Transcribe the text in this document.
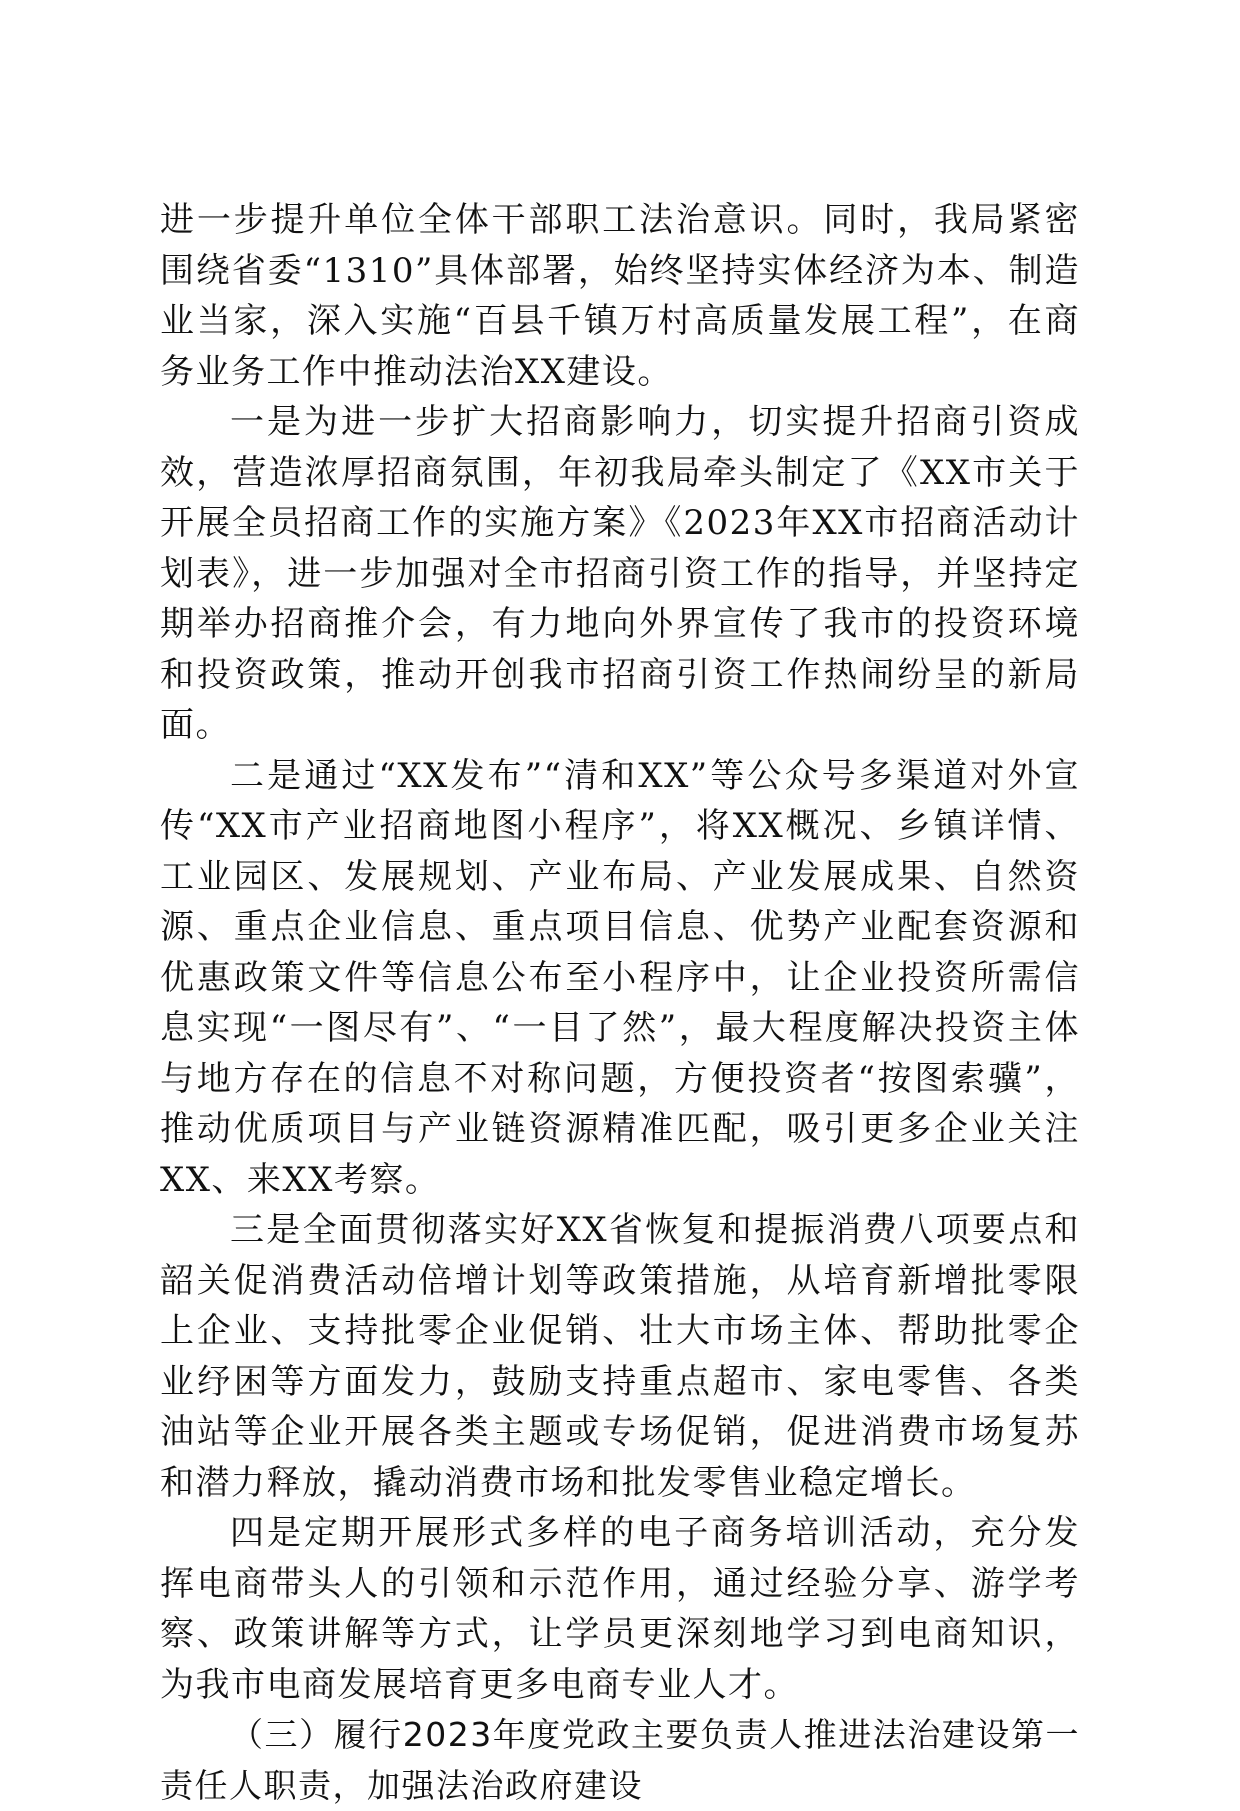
进一步提升单位全体干部职工法治意识。同时，我局紧密围绕省委“1310”具体部署，始终坚持实体经济为本、制造业当家，深入实施“百县千镇万村高质量发展工程”，在商务业务工作中推动法治XX建设。

一是为进一步扩大招商影响力，切实提升招商引资成效，营造浓厚招商氛围，年初我局牵头制定了《XX市关于开展全员招商工作的实施方案》《2023年XX市招商活动计划表》，进一步加强对全市招商引资工作的指导，并坚持定期举办招商推介会，有力地向外界宣传了我市的投资环境和投资政策，推动开创我市招商引资工作热闹纷呈的新局面。

二是通过“XX发布”“清和XX”等公众号多渠道对外宣传“XX市产业招商地图小程序”，将XX概况、乡镇详情、工业园区、发展规划、产业布局、产业发展成果、自然资源、重点企业信息、重点项目信息、优势产业配套资源和优惠政策文件等信息公布至小程序中，让企业投资所需信息实现“一图尽有”、“一目了然”，最大程度解决投资主体与地方存在的信息不对称问题，方便投资者“按图索骥”，推动优质项目与产业链资源精准匹配，吸引更多企业关注XX、来XX考察。

三是全面贯彻落实好XX省恢复和提振消费八项要点和韶关促消费活动倍增计划等政策措施，从培育新增批零限上企业、支持批零企业促销、壮大市场主体、帮助批零企业纾困等方面发力，鼓励支持重点超市、家电零售、各类油站等企业开展各类主题或专场促销，促进消费市场复苏和潜力释放，撬动消费市场和批发零售业稳定增长。

四是定期开展形式多样的电子商务培训活动，充分发挥电商带头人的引领和示范作用，通过经验分享、游学考察、政策讲解等方式，让学员更深刻地学习到电商知识，为我市电商发展培育更多电商专业人才。

（三）履行2023年度党政主要负责人推进法治建设第一责任人职责，加强法治政府建设
